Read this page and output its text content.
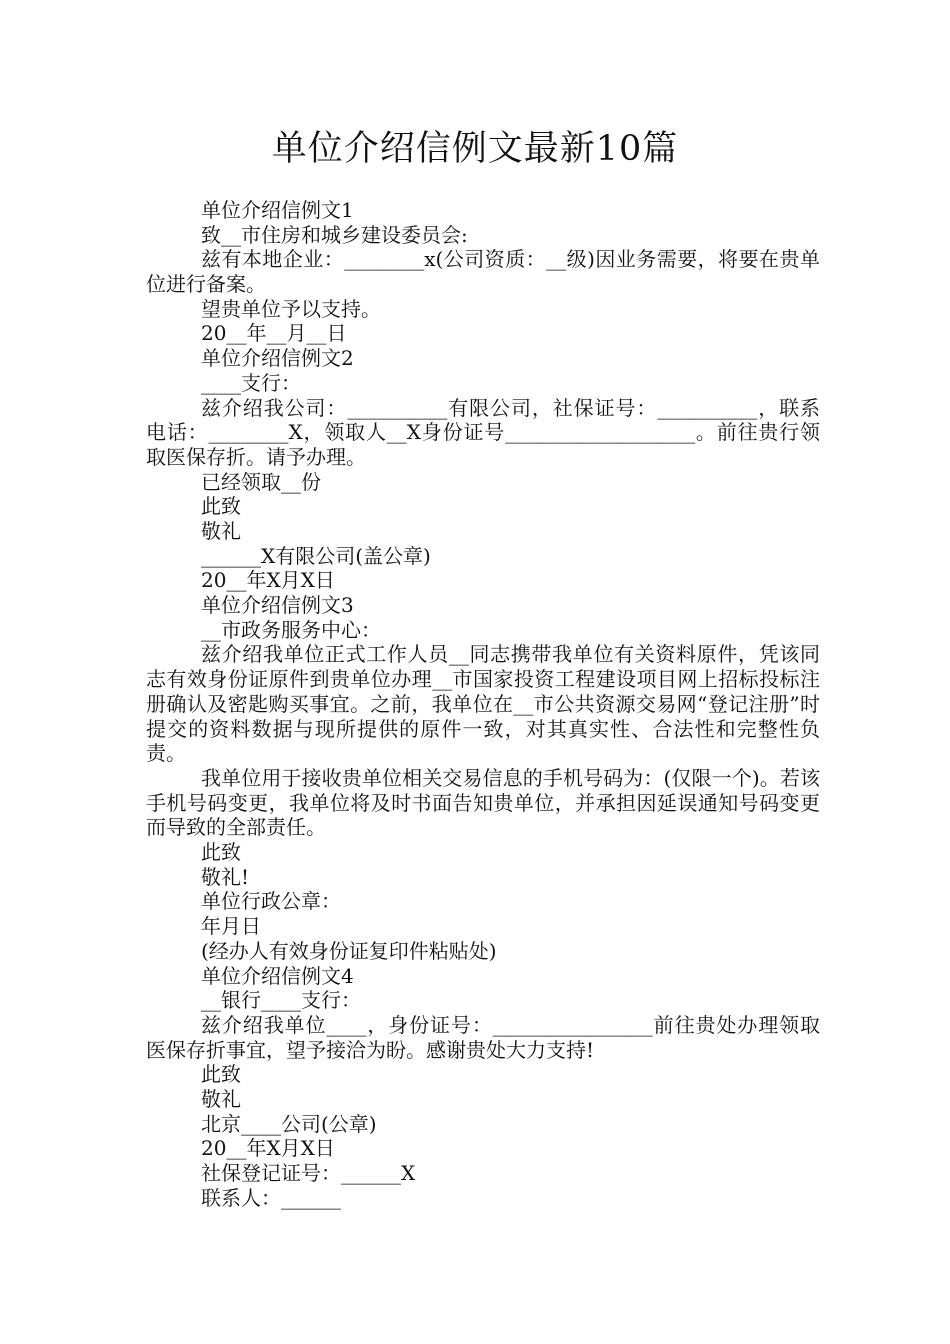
单位介绍信例文最新10篇
单位介绍信例文1
致__市住房和城乡建设委员会:
兹有本地企业：________x(公司资质：__级)因业务需要，将要在贵单位进行备案。
望贵单位予以支持。
20__年__月__日
单位介绍信例文2
____支行：
兹介绍我公司：__________有限公司，社保证号：__________，联系电话：________X，领取人__X身份证号___________________。前往贵行领取医保存折。请予办理。
已经领取__份
此致
敬礼
______X有限公司(盖公章)
20__年X月X日
单位介绍信例文3
__市政务服务中心：
兹介绍我单位正式工作人员__同志携带我单位有关资料原件，凭该同志有效身份证原件到贵单位办理__市国家投资工程建设项目网上招标投标注册确认及密匙购买事宜。之前，我单位在__市公共资源交易网“登记注册”时提交的资料数据与现所提供的原件一致，对其真实性、合法性和完整性负责。
我单位用于接收贵单位相关交易信息的手机号码为：(仅限一个)。若该手机号码变更，我单位将及时书面告知贵单位，并承担因延误通知号码变更而导致的全部责任。
此致
敬礼!
单位行政公章：
年月日
(经办人有效身份证复印件粘贴处)
单位介绍信例文4
__银行____支行：
兹介绍我单位____，身份证号：________________前往贵处办理领取医保存折事宜，望予接洽为盼。感谢贵处大力支持!
此致
敬礼
北京____公司(公章)
20__年X月X日
社保登记证号：______X
联系人：______
